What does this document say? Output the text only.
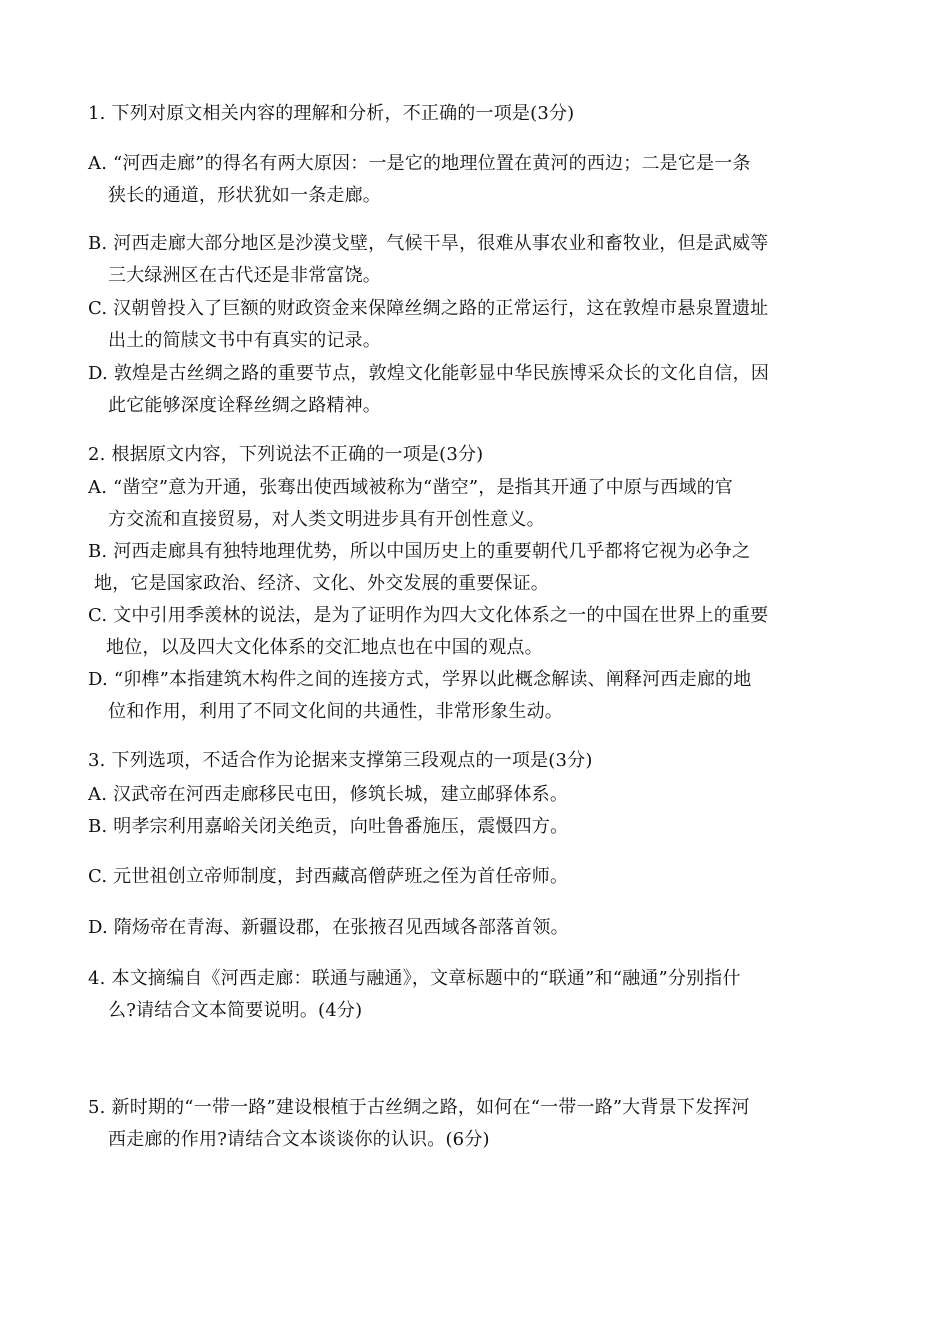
1. 下列对原文相关内容的理解和分析，不正确的一项是(3分)

A. “河西走廊”的得名有两大原因：一是它的地理位置在黄河的西边；二是它是一条

狭长的通道，形状犹如一条走廊。

B. 河西走廊大部分地区是沙漠戈壁，气候干旱，很难从事农业和畜牧业，但是武威等

三大绿洲区在古代还是非常富饶。

C. 汉朝曾投入了巨额的财政资金来保障丝绸之路的正常运行，这在敦煌市悬泉置遗址

出土的简牍文书中有真实的记录。

D. 敦煌是古丝绸之路的重要节点，敦煌文化能彰显中华民族博采众长的文化自信，因

此它能够深度诠释丝绸之路精神。

2. 根据原文内容，下列说法不正确的一项是(3分)

A. “凿空”意为开通，张骞出使西域被称为“凿空”，是指其开通了中原与西域的官

方交流和直接贸易，对人类文明进步具有开创性意义。

B. 河西走廊具有独特地理优势，所以中国历史上的重要朝代几乎都将它视为必争之

地，它是国家政治、经济、文化、外交发展的重要保证。

C. 文中引用季羡林的说法，是为了证明作为四大文化体系之一的中国在世界上的重要

地位，以及四大文化体系的交汇地点也在中国的观点。

D. “卯榫”本指建筑木构件之间的连接方式，学界以此概念解读、阐释河西走廊的地

位和作用，利用了不同文化间的共通性，非常形象生动。

3. 下列选项，不适合作为论据来支撑第三段观点的一项是(3分)

A. 汉武帝在河西走廊移民屯田，修筑长城，建立邮驿体系。

B. 明孝宗利用嘉峪关闭关绝贡，向吐鲁番施压，震慑四方。

C. 元世祖创立帝师制度，封西藏高僧萨班之侄为首任帝师。

D. 隋炀帝在青海、新疆设郡，在张掖召见西域各部落首领。

4. 本文摘编自《河西走廊：联通与融通》，文章标题中的“联通”和“融通”分别指什

么?请结合文本简要说明。(4分)

5. 新时期的“一带一路”建设根植于古丝绸之路，如何在“一带一路”大背景下发挥河

西走廊的作用?请结合文本谈谈你的认识。(6分)
